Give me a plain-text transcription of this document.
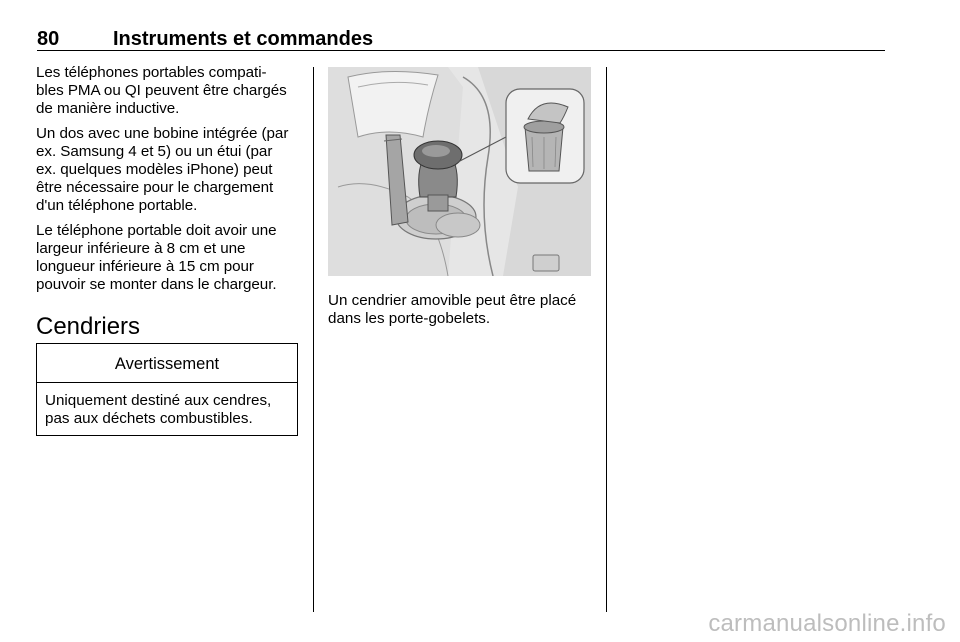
80	Instruments et commandes

Les téléphones portables compati-
bles PMA ou QI peuvent être chargés
de manière inductive.

Un dos avec une bobine intégrée (par
ex. Samsung 4 et 5) ou un étui (par
ex. quelques modèles iPhone) peut
être nécessaire pour le chargement
d'un téléphone portable.

Le téléphone portable doit avoir une
largeur inférieure à 8 cm et une
longueur inférieure à 15 cm pour
pouvoir se monter dans le chargeur.

Cendriers
Avertissement
Uniquement destiné aux cendres,
pas aux déchets combustibles.
Un cendrier amovible peut être placé
dans les porte-gobelets.
carmanualsonline.info
